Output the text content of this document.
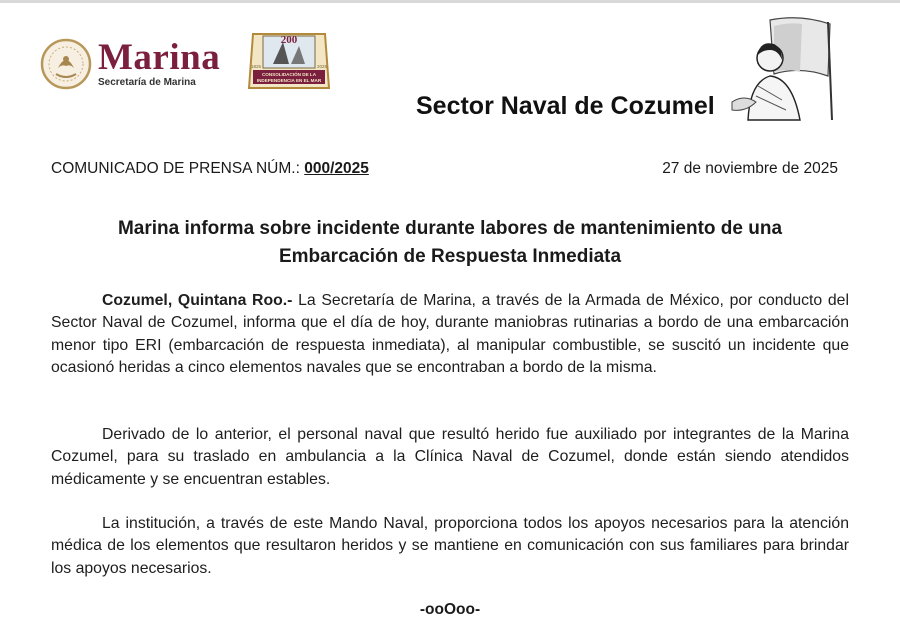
Marina
Secretaría de Marina
200
CONSOLIDACIÓN DE LA
INDEPENDENCIA EN EL MAR
1825	2025
Sector Naval de Cozumel
COMUNICADO DE PRENSA NÚM.: 000/2025	27 de noviembre de 2025
Marina informa sobre incidente durante labores de mantenimiento de una
Embarcación de Respuesta Inmediata
Cozumel, Quintana Roo.- La Secretaría de Marina, a través de la Armada de México, por conducto del Sector Naval de Cozumel, informa que el día de hoy, durante maniobras rutinarias a bordo de una embarcación menor tipo ERI (embarcación de respuesta inmediata), al manipular combustible, se suscitó un incidente que ocasionó heridas a cinco elementos navales que se encontraban a bordo de la misma.
Derivado de lo anterior, el personal naval que resultó herido fue auxiliado por integrantes de la Marina Cozumel, para su traslado en ambulancia a la Clínica Naval de Cozumel, donde están siendo atendidos médicamente y se encuentran estables.
La institución, a través de este Mando Naval, proporciona todos los apoyos necesarios para la atención médica de los elementos que resultaron heridos y se mantiene en comunicación con sus familiares para brindar los apoyos necesarios.
-ooOoo-
